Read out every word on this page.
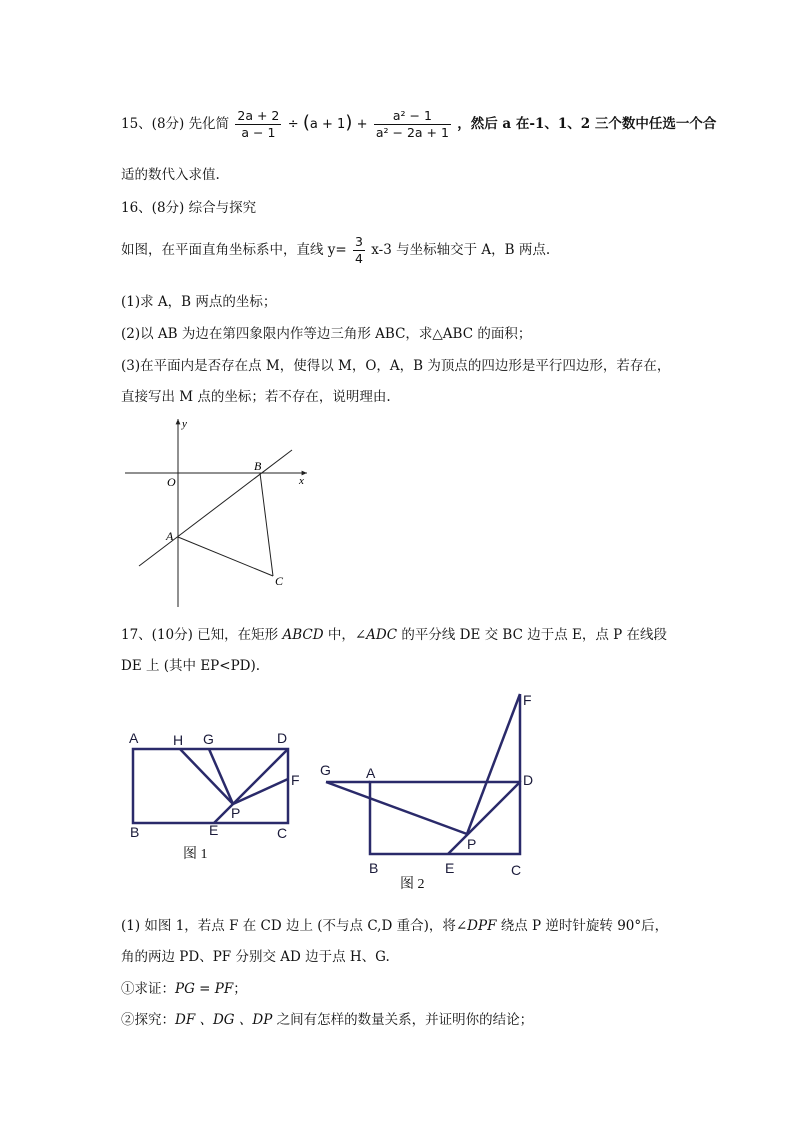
15、(8分) 先化简 $\frac{2a + 2}{a - 1} \div (a + 1) + \frac{\text{a² − 1}}{\text{a² − 2a + 1}}$ ，然后 a 在-1、1、2 三个数中任选一个合
适的数代入求值.
16、(8分) 综合与探究
如图，在平面直角坐标系中，直线 $y= \frac{3}{4} x-3$ 与坐标轴交于 A，B 两点.
(1)求 A，B 两点的坐标；
(2)以 AB 为边在第四象限内作等边三角形 ABC，求△ABC 的面积；
(3)在平面内是否存在点 M，使得以 M，O，A，B 为顶点的四边形是平行四边形，若存在，
直接写出 M 点的坐标；若不存在，说明理由.
y
x
O
B
A
C
17、(10分) 已知，在矩形 ABCD 中，∠ADC 的平分线 DE 交 BC 边于点 E，点 P 在线段
DE 上 (其中 EP<PD).
A H G	D
F
P
B	E	C
图 1
F
G	A	D
P
B	E	C
图 2
(1) 如图 1，若点 F 在 CD 边上 (不与点 C,D 重合)，将∠DPF 绕点 P 逆时针旋转 90°后，
角的两边 PD、PF 分别交 AD 边于点 H、G.
①求证：PG = PF；
②探究：DF 、DG 、DP 之间有怎样的数量关系，并证明你的结论；
